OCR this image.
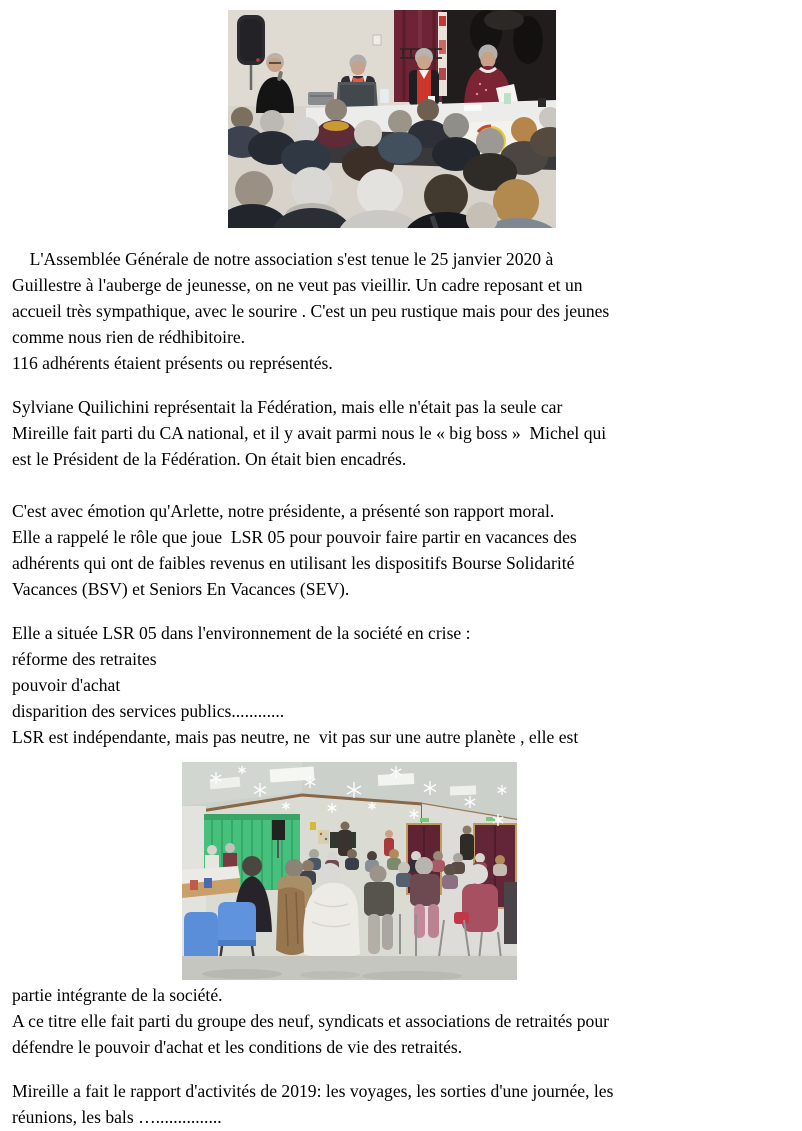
L'Assemblée Générale de notre association s'est tenue le 25 janvier 2020 à
Guillestre à l'auberge de jeunesse, on ne veut pas vieillir. Un cadre reposant et un
accueil très sympathique, avec le sourire . C'est un peu rustique mais pour des jeunes
comme nous rien de rédhibitoire.
116 adhérents étaient présents ou représentés.
Sylviane Quilichini représentait la Fédération, mais elle n'était pas la seule car
Mireille fait parti du CA national, et il y avait parmi nous le « big boss »  Michel qui
est le Président de la Fédération. On était bien encadrés.
C'est avec émotion qu'Arlette, notre présidente, a présenté son rapport moral.
Elle a rappelé le rôle que joue  LSR 05 pour pouvoir faire partir en vacances des
adhérents qui ont de faibles revenus en utilisant les dispositifs Bourse Solidarité
Vacances (BSV) et Seniors En Vacances (SEV).
Elle a située LSR 05 dans l'environnement de la société en crise :
réforme des retraites
pouvoir d'achat
disparition des services publics............
LSR est indépendante, mais pas neutre, ne  vit pas sur une autre planète , elle est
partie intégrante de la société.
A ce titre elle fait parti du groupe des neuf, syndicats et associations de retraités pour
défendre le pouvoir d'achat et les conditions de vie des retraités.
Mireille a fait le rapport d'activités de 2019: les voyages, les sorties d'une journée, les
réunions, les bals …...............
